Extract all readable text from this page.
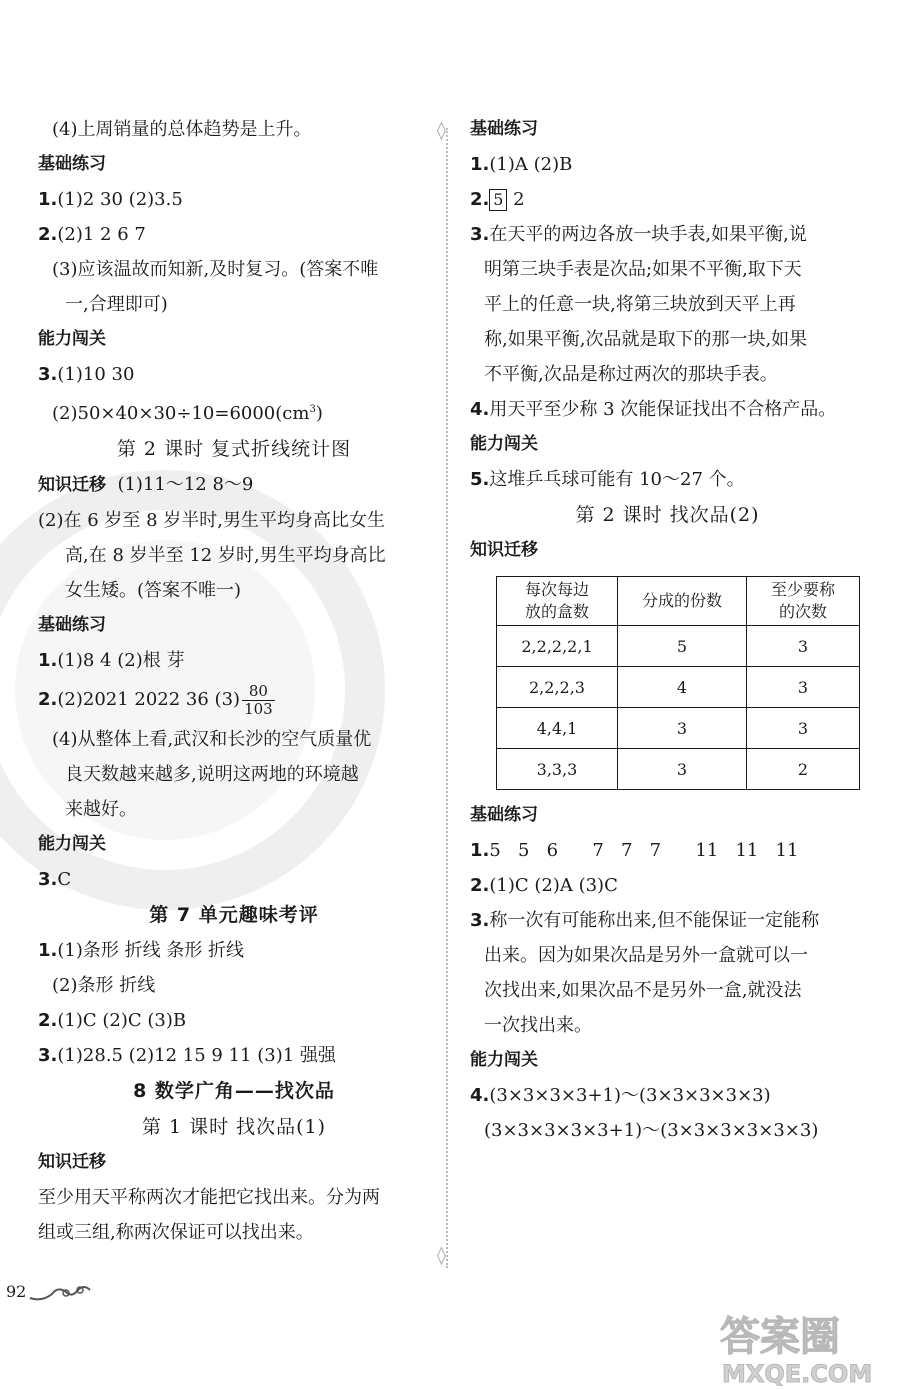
◊
◊
(4)上周销量的总体趋势是上升。
基础练习
1.(1)2 30 (2)3.5
2.(2)1 2 6 7
(3)应该温故而知新,及时复习。(答案不唯
一,合理即可)
能力闯关
3.(1)10 30
$(2)50\times 40\times 30\div 10=6000(cm^3)$
第 2 课时 复式折线统计图
知识迁移 (1)11～12 8～9
(2)在 6 岁至 8 岁半时,男生平均身高比女生
高,在 8 岁半至 12 岁时,男生平均身高比
女生矮。(答案不唯一)
基础练习
1.(1)8 4 (2)根 芽
2.(2)2021 2022 36 $(3) \frac{80}{103}$
(4)从整体上看,武汉和长沙的空气质量优
良天数越来越多,说明这两地的环境越
来越好。
能力闯关
3.C
第 7 单元趣味考评
1.(1)条形 折线 条形 折线
(2)条形 折线
2.(1)C (2)C (3)B
3.(1)28.5 (2)12 15 9 11 (3)1 强强
8 数学广角——找次品
第 1 课时 找次品(1)
知识迁移
至少用天平称两次才能把它找出来。分为两
组或三组,称两次保证可以找出来。
基础练习
1.(1)A (2)B
2. 5 2
3.在天平的两边各放一块手表,如果平衡,说
明第三块手表是次品;如果不平衡,取下天
平上的任意一块,将第三块放到天平上再
称,如果平衡,次品就是取下的那一块,如果
不平衡,次品是称过两次的那块手表。
4.用天平至少称 3 次能保证找出不合格产品。
能力闯关
5.这堆乒乓球可能有 10～27 个。
第 2 课时 找次品(2)
知识迁移
每次每边
放的盒数	分成的份数	至少要称
的次数
2,2,2,2,1	5	3
2,2,2,3	4	3
4,4,1	3	3
3,3,3	3	2
基础练习
1.5   5   6      7   7   7      11   11   11
2.(1)C (2)A (3)C
3.称一次有可能称出来,但不能保证一定能称
出来。因为如果次品是另外一盒就可以一
次找出来,如果次品不是另外一盒,就没法
一次找出来。
能力闯关
4.(3×3×3×3+1)～(3×3×3×3×3)
(3×3×3×3×3+1)～(3×3×3×3×3×3)
92
答案圈
MXQE.COM
